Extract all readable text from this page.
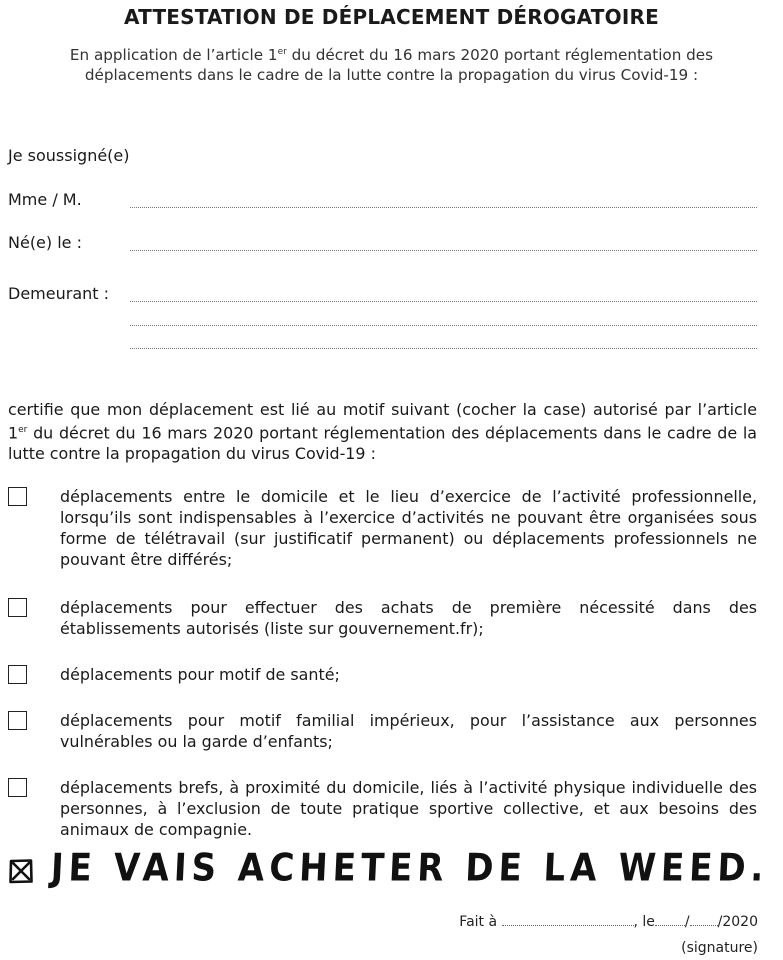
ATTESTATION DE DÉPLACEMENT DÉROGATOIRE
En application de l’article 1er du décret du 16 mars 2020 portant réglementation des déplacements dans le cadre de la lutte contre la propagation du virus Covid-19 :
Je soussigné(e)
Mme / M.
Né(e) le :
Demeurant :
certifie que mon déplacement est lié au motif suivant (cocher la case) autorisé par l’article 1er du décret du 16 mars 2020 portant réglementation des déplacements dans le cadre de la lutte contre la propagation du virus Covid-19 :
déplacements entre le domicile et le lieu d’exercice de l’activité professionnelle, lorsqu’ils sont indispensables à l’exercice d’activités ne pouvant être organisées sous forme de télétravail (sur justificatif permanent) ou déplacements professionnels ne pouvant être différés;
déplacements pour effectuer des achats de première nécessité dans des établissements autorisés (liste sur gouvernement.fr);
déplacements pour motif de santé;
déplacements pour motif familial impérieux, pour l’assistance aux personnes vulnérables ou la garde d’enfants;
déplacements brefs, à proximité du domicile, liés à l’activité physique individuelle des personnes, à l’exclusion de toute pratique sportive collective, et aux besoins des animaux de compagnie.
JE VAIS ACHETER DE LA WEED.
Fait à	, le / /2020
(signature)
